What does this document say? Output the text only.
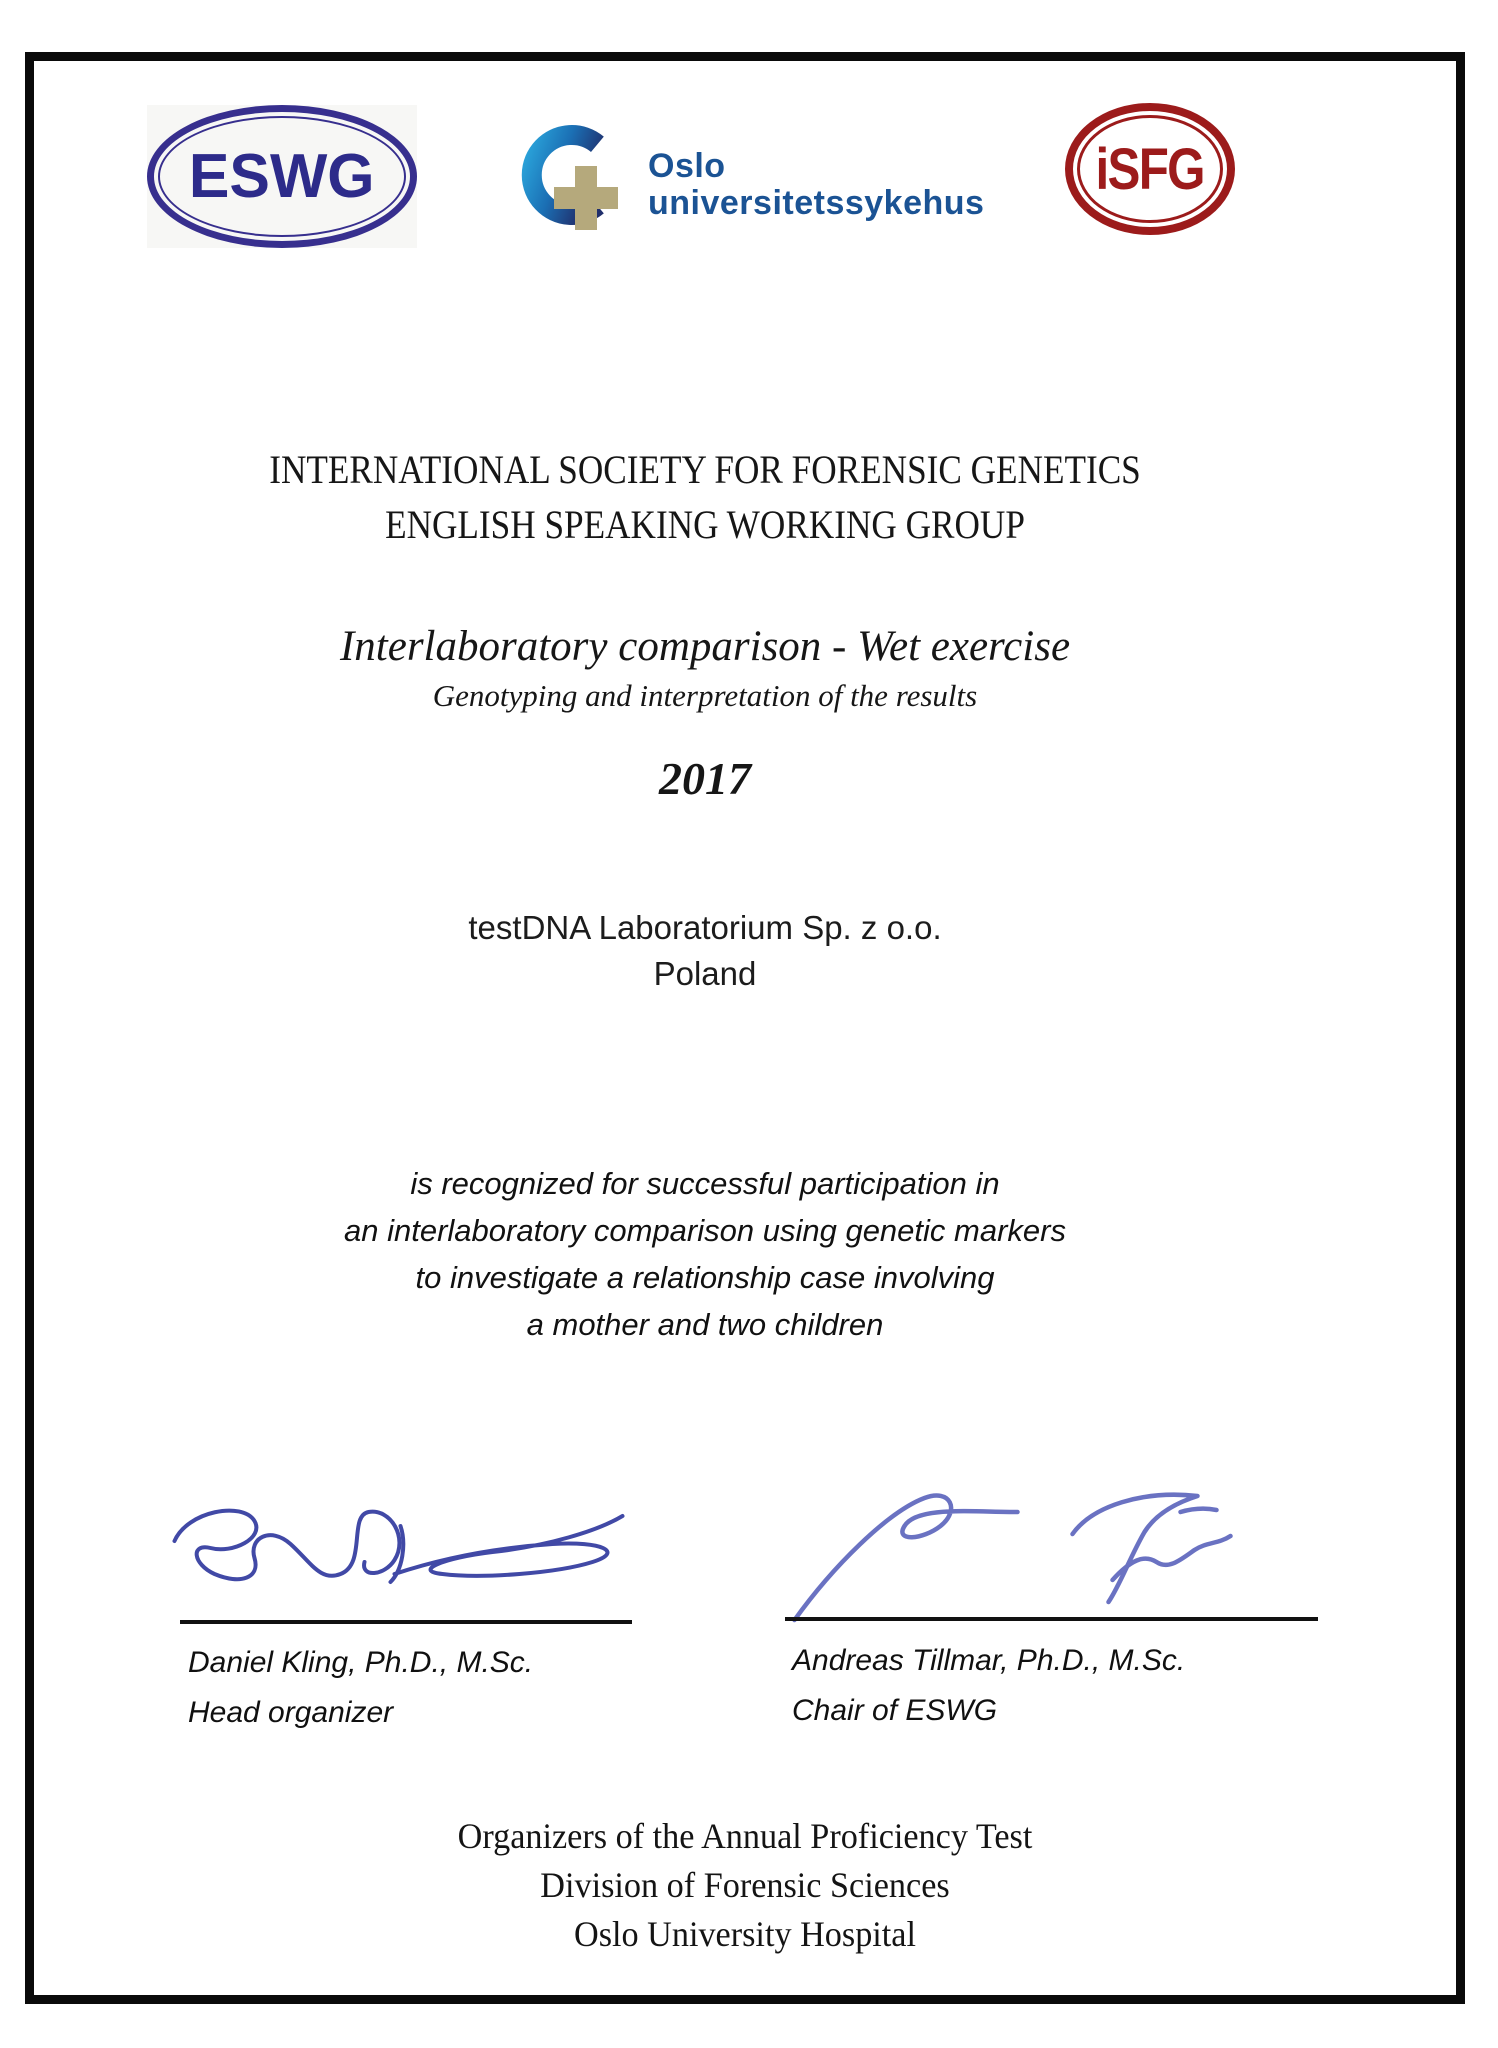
ESWG	Oslo
universitetssykehus
iSFG
INTERNATIONAL SOCIETY FOR FORENSIC GENETICS
ENGLISH SPEAKING WORKING GROUP
Interlaboratory comparison - Wet exercise
Genotyping and interpretation of the results
2017
testDNA Laboratorium Sp. z o.o.
Poland
is recognized for successful participation in
an interlaboratory comparison using genetic markers
to investigate a relationship case involving
a mother and two children
Daniel Kling, Ph.D., M.Sc.
Head organizer
Andreas Tillmar, Ph.D., M.Sc.
Chair of ESWG
Organizers of the Annual Proficiency Test
Division of Forensic Sciences
Oslo University Hospital
